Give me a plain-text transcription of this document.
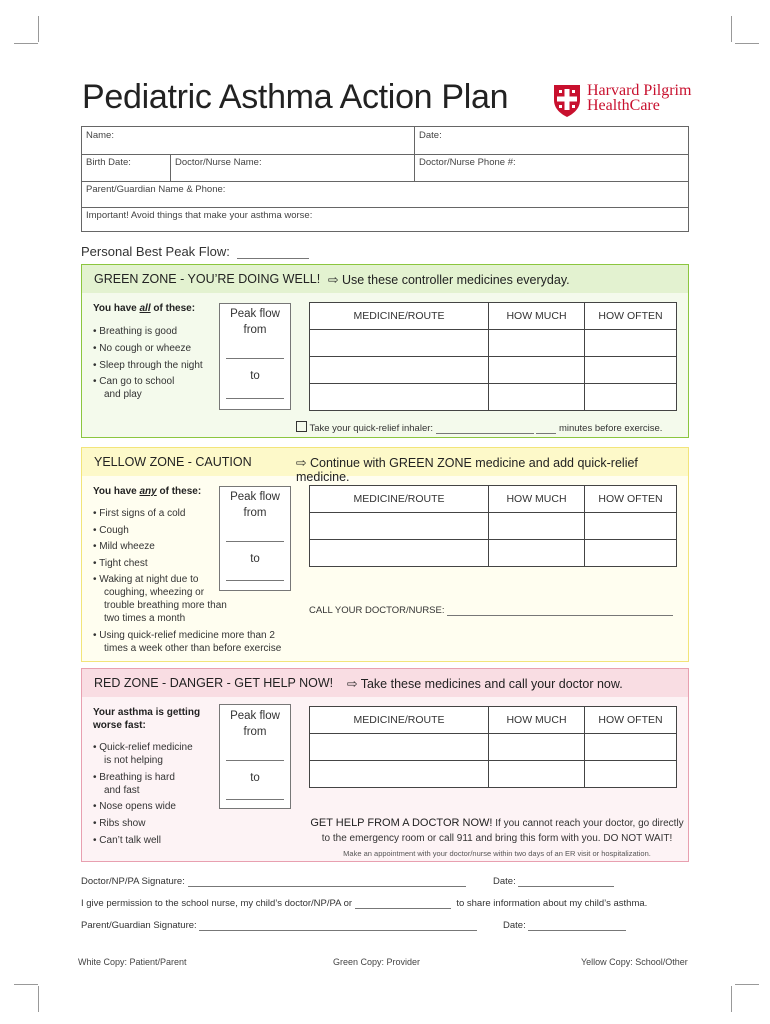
Pediatric Asthma Action Plan	Harvard Pilgrim
HealthCare
Name:	Date:
Birth Date:	Doctor/Nurse Name:	Doctor/Nurse Phone #:
Parent/Guardian Name & Phone:
Important! Avoid things that make your asthma worse:
Personal Best Peak Flow:
GREEN ZONE - YOU’RE DOING WELL! ⇨ Use these controller medicines everyday.
You have all of these:
• Breathing is good
• No cough or wheeze
• Sleep through the night
• Can go to school
and play
Peak flow
from
to
MEDICINE/ROUTE	HOW MUCH	HOW OFTEN

Take your quick-relief inhaler:	minutes before exercise.
YELLOW ZONE - CAUTION	⇨ Continue with GREEN ZONE medicine and add quick-relief medicine.
You have any of these:
• First signs of a cold
• Cough
• Mild wheeze
• Tight chest
• Waking at night due to
coughing, wheezing or
trouble breathing more than
two times a month
• Using quick-relief medicine more than 2
times a week other than before exercise
Peak flow
from
to
MEDICINE/ROUTE	HOW MUCH	HOW OFTEN

CALL YOUR DOCTOR/NURSE:
RED ZONE - DANGER - GET HELP NOW! ⇨ Take these medicines and call your doctor now.
Your asthma is getting
worse fast:
• Quick-relief medicine
is not helping
• Breathing is hard
and fast
• Nose opens wide
• Ribs show
• Can’t talk well
Peak flow
from
to
MEDICINE/ROUTE	HOW MUCH	HOW OFTEN

GET HELP FROM A DOCTOR NOW! If you cannot reach your doctor, go directly
to the emergency room or call 911 and bring this form with you. DO NOT WAIT!
Make an appointment with your doctor/nurse within two days of an ER visit or hospitalization.
Doctor/NP/PA Signature:	Date:
I give permission to the school nurse, my child’s doctor/NP/PA or	to share information about my child’s asthma.
Parent/Guardian Signature:	Date:
White Copy: Patient/Parent	Green Copy: Provider	Yellow Copy: School/Other
